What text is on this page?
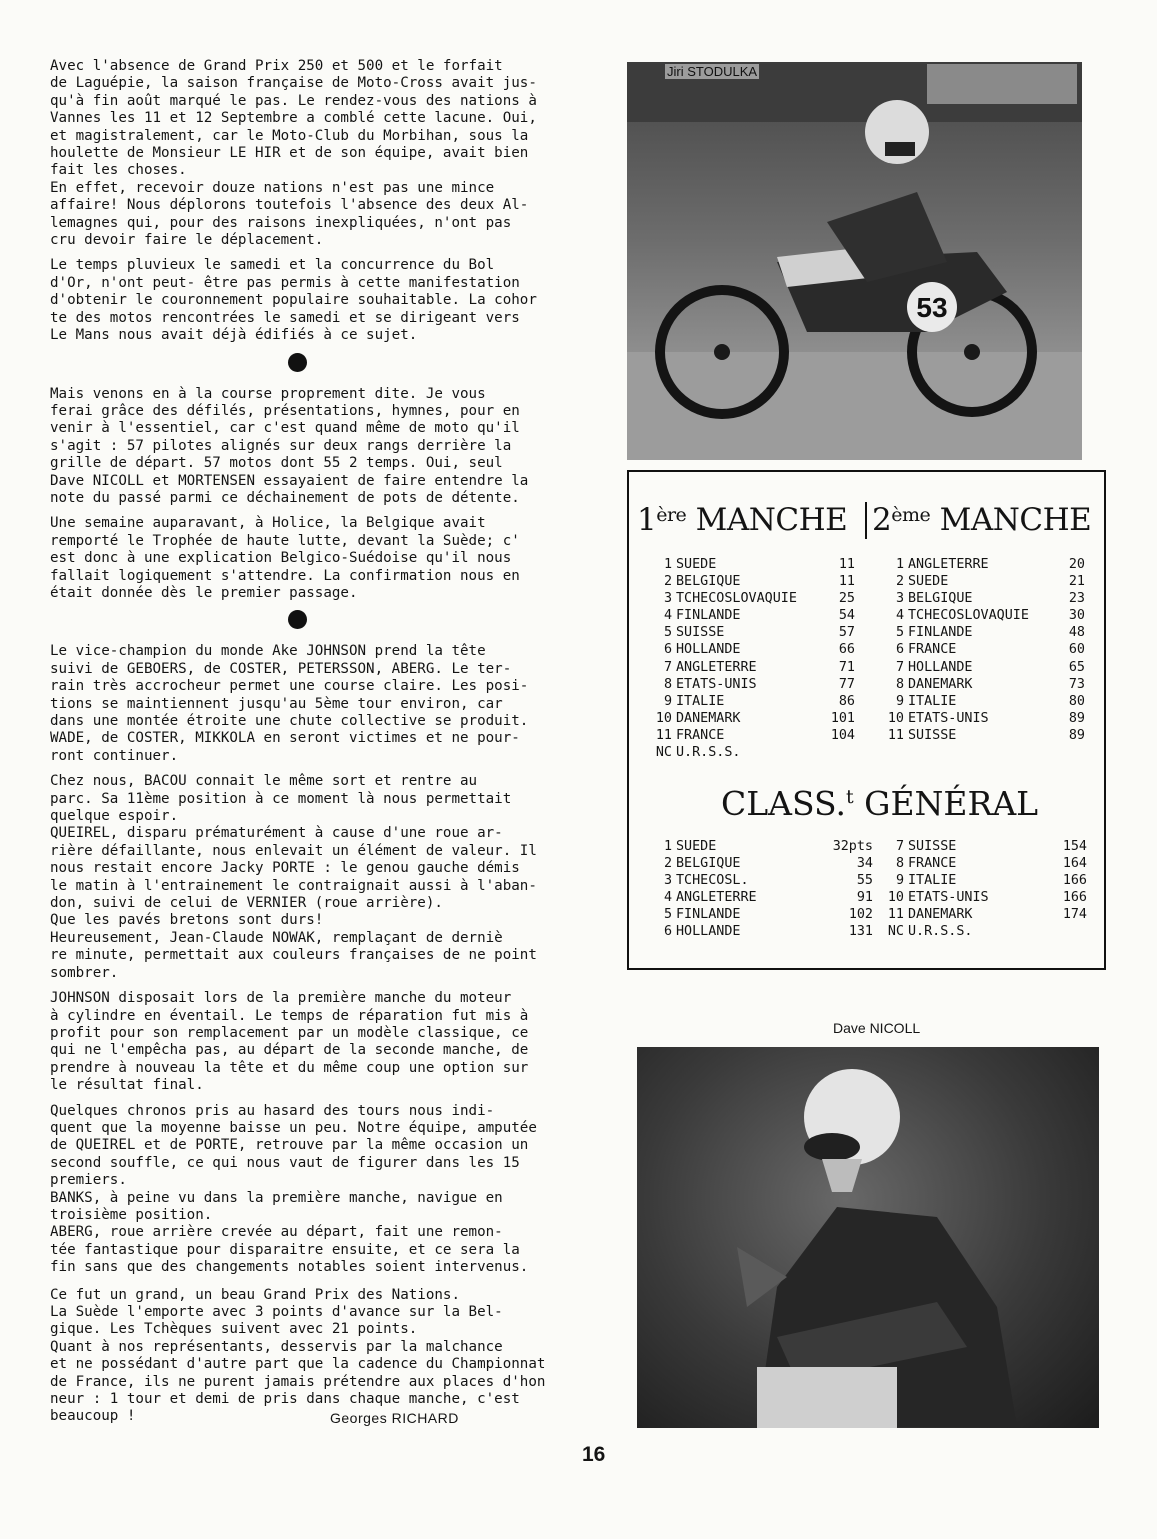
Avec l'absence de Grand Prix 250 et 500 et le forfait
de Laguépie, la saison française de Moto-Cross avait jus-
qu'à fin août marqué le pas. Le rendez-vous des nations à
Vannes les 11 et 12 Septembre a comblé cette lacune. Oui,
et magistralement, car le Moto-Club du Morbihan, sous la
houlette de Monsieur LE HIR et de son équipe, avait bien
fait les choses.

En effet, recevoir douze nations n'est pas une mince
affaire! Nous déplorons toutefois l'absence des deux Al-
lemagnes qui, pour des raisons inexpliquées, n'ont pas
cru devoir faire le déplacement.

Le temps pluvieux le samedi et la concurrence du Bol
d'Or, n'ont peut- être pas permis à cette manifestation
d'obtenir le couronnement populaire souhaitable. La cohor
te des motos rencontrées le samedi et se dirigeant vers
Le Mans nous avait déjà édifiés à ce sujet.

Mais venons en à la course proprement dite. Je vous
ferai grâce des défilés, présentations, hymnes, pour en
venir à l'essentiel, car c'est quand même de moto qu'il
s'agit : 57 pilotes alignés sur deux rangs derrière la
grille de départ. 57 motos dont 55 2 temps. Oui, seul
Dave NICOLL et MORTENSEN essayaient de faire entendre la
note du passé parmi ce déchainement de pots de détente.

Une semaine auparavant, à Holice, la Belgique avait
remporté le Trophée de haute lutte, devant la Suède; c'
est donc à une explication Belgico-Suédoise qu'il nous
fallait logiquement s'attendre. La confirmation nous en
était donnée dès le premier passage.

Le vice-champion du monde Ake JOHNSON prend la tête
suivi de GEBOERS, de COSTER, PETERSSON, ABERG. Le ter-
rain très accrocheur permet une course claire. Les posi-
tions se maintiennent jusqu'au 5ème tour environ, car
dans une montée étroite une chute collective se produit.
WADE, de COSTER, MIKKOLA en seront victimes et ne pour-
ront continuer.

Chez nous, BACOU connait le même sort et rentre au
parc. Sa 11ème position à ce moment là nous permettait
quelque espoir.

QUEIREL, disparu prématurément à cause d'une roue ar-
rière défaillante, nous enlevait un élément de valeur. Il
nous restait encore Jacky PORTE : le genou gauche démis
le matin à l'entrainement le contraignait aussi à l'aban-
don, suivi de celui de VERNIER (roue arrière).

Que les pavés bretons sont durs!

Heureusement, Jean-Claude NOWAK, remplaçant de derniè
re minute, permettait aux couleurs françaises de ne point
sombrer.

JOHNSON disposait lors de la première manche du moteur
à cylindre en éventail. Le temps de réparation fut mis à
profit pour son remplacement par un modèle classique, ce
qui ne l'empêcha pas, au départ de la seconde manche, de
prendre à nouveau la tête et du même coup une option sur
le résultat final.

Quelques chronos pris au hasard des tours nous indi-
quent que la moyenne baisse un peu. Notre équipe, amputée
de QUEIREL et de PORTE, retrouve par la même occasion un
second souffle, ce qui nous vaut de figurer dans les 15
premiers.

BANKS, à peine vu dans la première manche, navigue en
troisième position.

ABERG, roue arrière crevée au départ, fait une remon-
tée fantastique pour disparaitre ensuite, et ce sera la
fin sans que des changements notables soient intervenus.

Ce fut un grand, un beau Grand Prix des Nations.
La Suède l'emporte avec 3 points d'avance sur la Bel-
gique. Les Tchèques suivent avec 21 points.
Quant à nos représentants, desservis par la malchance
et ne possédant d'autre part que la cadence du Championnat
de France, ils ne purent jamais prétendre aux places d'hon
neur : 1 tour et demi de pris dans chaque manche, c'est
beaucoup !	Georges RICHARD
53
Jiri STODULKA
1ère MANCHE 2ème MANCHE
1 SUEDE	11
2 BELGIQUE	11
3 TCHECOSLOVAQUIE	25
4 FINLANDE	54
5 SUISSE	57
6 HOLLANDE	66
7 ANGLETERRE	71
8 ETATS-UNIS	77
9 ITALIE	86
10 DANEMARK	101
11 FRANCE	104
NC U.R.S.S.
1 ANGLETERRE	20
2 SUEDE	21
3 BELGIQUE	23
4 TCHECOSLOVAQUIE	30
5 FINLANDE	48
6 FRANCE	60
7 HOLLANDE	65
8 DANEMARK	73
9 ITALIE	80
10 ETATS-UNIS	89
11 SUISSE	89
CLASS.$^t$ GÉNÉRAL
1 SUEDE	32pts
2 BELGIQUE	34
3 TCHECOSL.	55
4 ANGLETERRE	91
5 FINLANDE	102
6 HOLLANDE	131
7 SUISSE	154
8 FRANCE	164
9 ITALIE	166
10 ETATS-UNIS	166
11 DANEMARK	174
NC U.R.S.S.
Dave NICOLL
16
